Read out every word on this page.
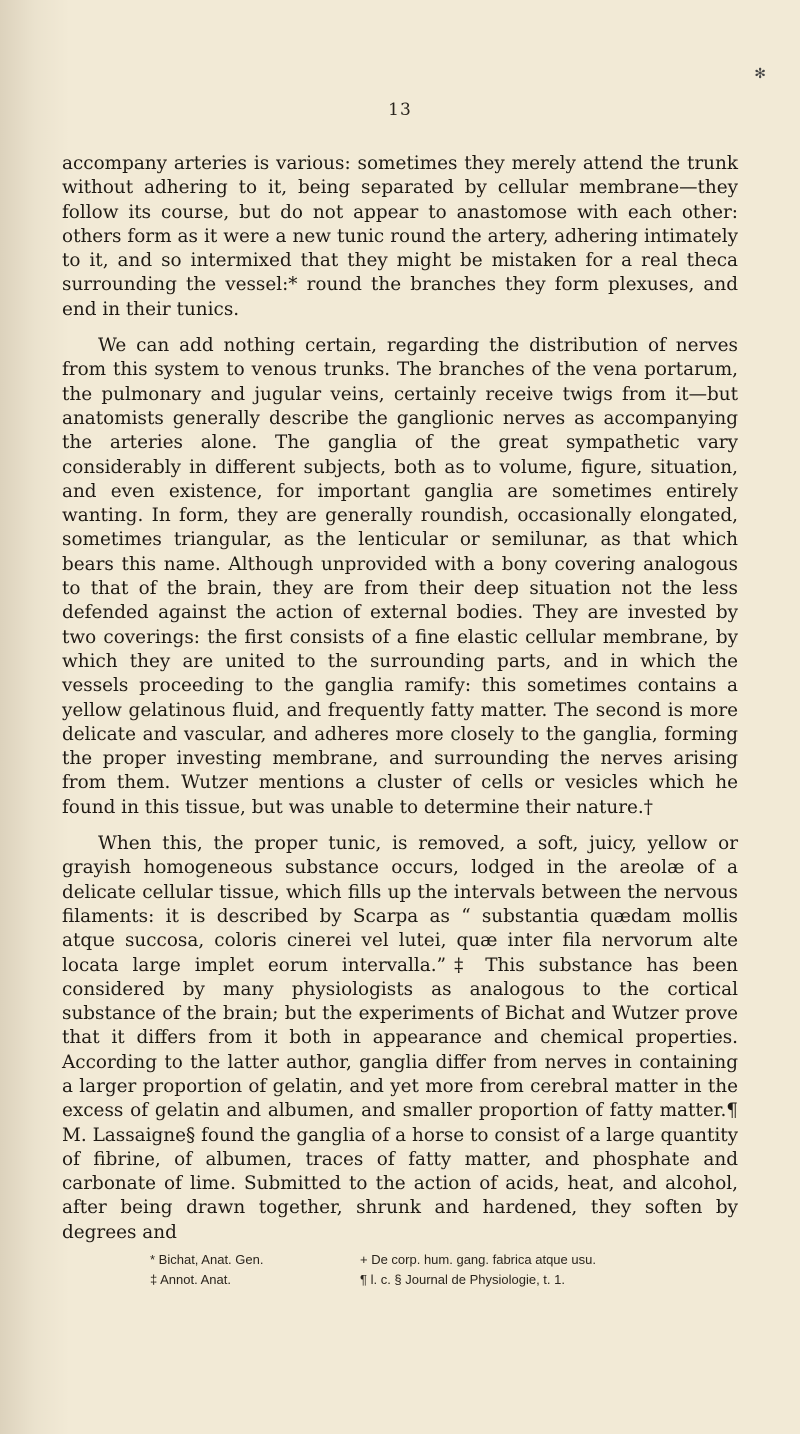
✻
13

accompany arteries is various: sometimes they merely attend the trunk without adhering to it, being separated by cellular membrane—they follow its course, but do not appear to anastomose with each other: others form as it were a new tunic round the artery, adhering intimately to it, and so intermixed that they might be mistaken for a real theca surrounding the vessel:* round the branches they form plexuses, and end in their tunics.

We can add nothing certain, regarding the distribution of nerves from this system to venous trunks. The branches of the vena portarum, the pulmonary and jugular veins, certainly receive twigs from it—but anatomists generally describe the ganglionic nerves as accompanying the arteries alone. The ganglia of the great sympathetic vary considerably in different subjects, both as to volume, figure, situation, and even existence, for important ganglia are sometimes entirely wanting. In form, they are generally roundish, occasionally elongated, sometimes triangular, as the lenticular or semilunar, as that which bears this name. Although unprovided with a bony covering analogous to that of the brain, they are from their deep situation not the less defended against the action of external bodies. They are invested by two coverings: the first consists of a fine elastic cellular membrane, by which they are united to the surrounding parts, and in which the vessels proceeding to the ganglia ramify: this sometimes contains a yellow gelatinous fluid, and frequently fatty matter. The second is more delicate and vascular, and adheres more closely to the ganglia, forming the proper investing membrane, and surrounding the nerves arising from them. Wutzer mentions a cluster of cells or vesicles which he found in this tissue, but was unable to determine their nature.†

When this, the proper tunic, is removed, a soft, juicy, yellow or grayish homogeneous substance occurs, lodged in the areolæ of a delicate cellular tissue, which fills up the intervals between the nervous filaments: it is described by Scarpa as “ substantia quædam mollis atque succosa, coloris cinerei vel lutei, quæ inter fila nervorum alte locata large implet eorum intervalla.”‡ This substance has been considered by many physiologists as analogous to the cortical substance of the brain; but the experiments of Bichat and Wutzer prove that it differs from it both in appearance and chemical properties. According to the latter author, ganglia differ from nerves in containing a larger proportion of gelatin, and yet more from cerebral matter in the excess of gelatin and albumen, and smaller proportion of fatty matter.¶ M. Lassaigne§ found the ganglia of a horse to consist of a large quantity of fibrine, of albumen, traces of fatty matter, and phosphate and carbonate of lime. Submitted to the action of acids, heat, and alcohol, after being drawn together, shrunk and hardened, they soften by degrees and

* Bichat, Anat. Gen.	+ De corp. hum. gang. fabrica atque usu.
‡ Annot. Anat.	¶ l. c. § Journal de Physiologie, t. 1.
